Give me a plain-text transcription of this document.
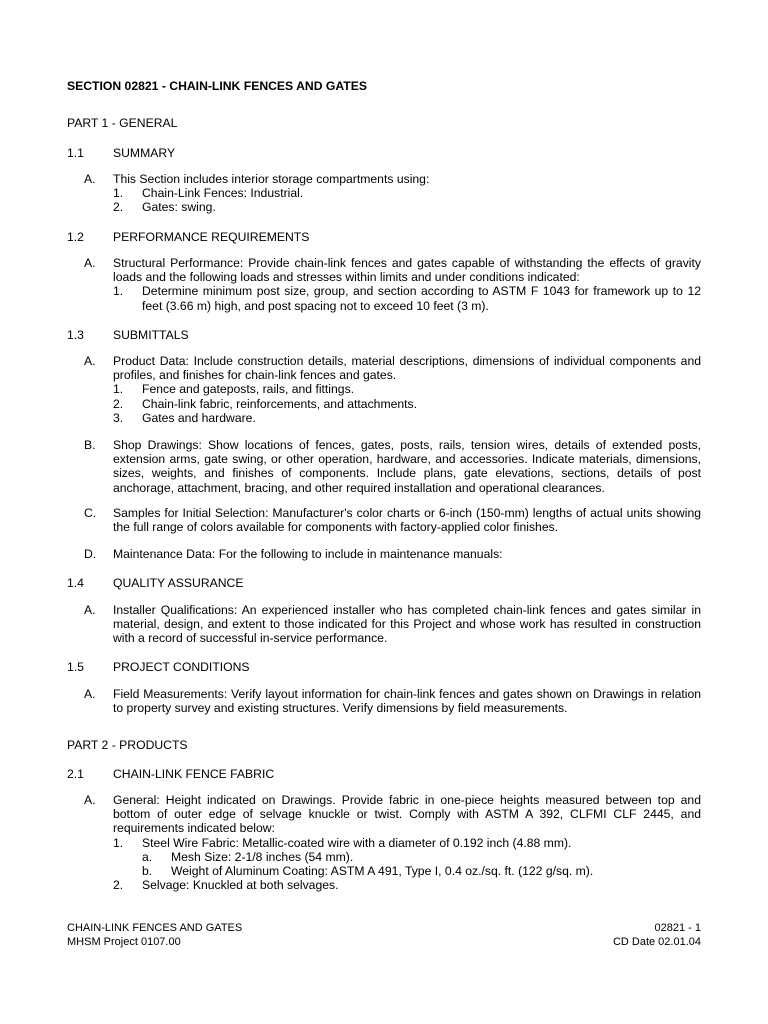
SECTION 02821 - CHAIN-LINK FENCES AND GATES
PART 1 - GENERAL
1.1 SUMMARY
A. This Section includes interior storage compartments using:
1. Chain-Link Fences: Industrial.
2. Gates: swing.
1.2 PERFORMANCE REQUIREMENTS
A. Structural Performance: Provide chain-link fences and gates capable of withstanding the effects of gravity loads and the following loads and stresses within limits and under conditions indicated:
1. Determine minimum post size, group, and section according to ASTM F 1043 for framework up to 12 feet (3.66 m) high, and post spacing not to exceed 10 feet (3 m).
1.3 SUBMITTALS
A. Product Data: Include construction details, material descriptions, dimensions of individual components and profiles, and finishes for chain-link fences and gates.
1. Fence and gateposts, rails, and fittings.
2. Chain-link fabric, reinforcements, and attachments.
3. Gates and hardware.
B. Shop Drawings: Show locations of fences, gates, posts, rails, tension wires, details of extended posts, extension arms, gate swing, or other operation, hardware, and accessories. Indicate materials, dimensions, sizes, weights, and finishes of components. Include plans, gate elevations, sections, details of post anchorage, attachment, bracing, and other required installation and operational clearances.
C. Samples for Initial Selection: Manufacturer's color charts or 6-inch (150-mm) lengths of actual units showing the full range of colors available for components with factory-applied color finishes.
D. Maintenance Data: For the following to include in maintenance manuals:
1.4 QUALITY ASSURANCE
A. Installer Qualifications: An experienced installer who has completed chain-link fences and gates similar in material, design, and extent to those indicated for this Project and whose work has resulted in construction with a record of successful in-service performance.
1.5 PROJECT CONDITIONS
A. Field Measurements: Verify layout information for chain-link fences and gates shown on Drawings in relation to property survey and existing structures. Verify dimensions by field measurements.
PART 2 - PRODUCTS
2.1 CHAIN-LINK FENCE FABRIC
A. General: Height indicated on Drawings. Provide fabric in one-piece heights measured between top and bottom of outer edge of selvage knuckle or twist. Comply with ASTM A 392, CLFMI CLF 2445, and requirements indicated below:
1. Steel Wire Fabric: Metallic-coated wire with a diameter of 0.192 inch (4.88 mm).
a. Mesh Size: 2-1/8 inches (54 mm).
b. Weight of Aluminum Coating: ASTM A 491, Type I, 0.4 oz./sq. ft. (122 g/sq. m).
2. Selvage: Knuckled at both selvages.
CHAIN-LINK FENCES AND GATES
MHSM Project 0107.00
02821 - 1
CD Date 02.01.04
